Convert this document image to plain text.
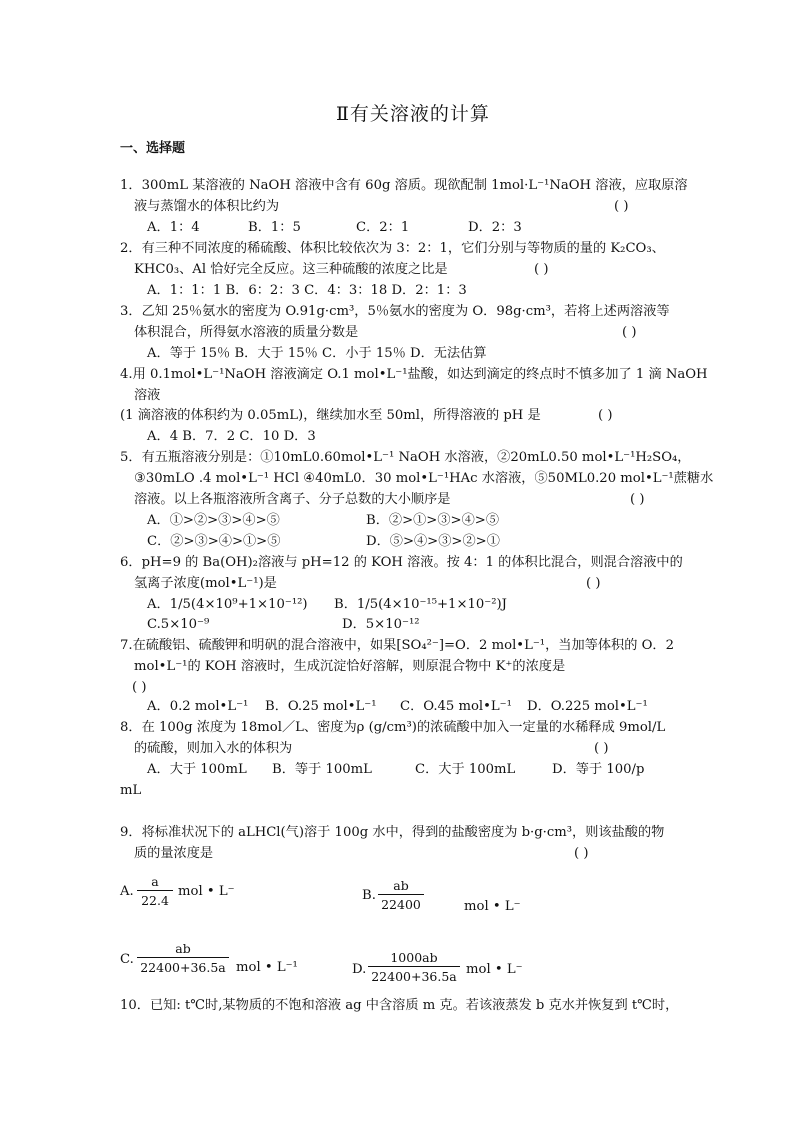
Ⅱ有关溶液的计算
一、选择题
1．300mL 某溶液的 NaOH 溶液中含有 60g 溶质。现欲配制 1mol·L⁻¹NaOH 溶液，应取原溶
液与蒸馏水的体积比约为	( )
A．1：4	B．1：5	C．2：1	D．2：3
2．有三种不同浓度的稀硫酸、体积比较依次为 3：2：1，它们分别与等物质的量的 K₂CO₃、
KHC0₃、Al 恰好完全反应。这三种硫酸的浓度之比是	( )
A．1：1：1 B．6：2：3 C．4：3：18 D．2：1：3
3．乙知 25％氨水的密度为 O.91g·cm³，5％氨水的密度为 O．98g·cm³，若将上述两溶液等
体积混合，所得氨水溶液的质量分数是	( )
A．等于 15％ B．大于 15％ C．小于 15％ D．无法估算
4.用 0.1mol•L⁻¹NaOH 溶液滴定 O.1 mol•L⁻¹盐酸，如达到滴定的终点时不慎多加了 1 滴 NaOH
溶液
(1 滴溶液的体积约为 0.05mL)，继续加水至 50ml，所得溶液的 pH 是	( )
A．4 B．7．2 C．10 D．3
5．有五瓶溶液分别是：①10mL0.60mol•L⁻¹ NaOH 水溶液，②20mL0.50 mol•L⁻¹H₂SO₄，
③30mLO .4 mol•L⁻¹ HCl ④40mL0．30 mol•L⁻¹HAc 水溶液，⑤50ML0.20 mol•L⁻¹蔗糖水
溶液。以上各瓶溶液所含离子、分子总数的大小顺序是	( )
A．①>②>③>④>⑤	B．②>①>③>④>⑤
C．②>③>④>①>⑤	D．⑤>④>③>②>①
6．pH=9 的 Ba(OH)₂溶液与 pH=12 的 KOH 溶液。按 4：1 的体积比混合，则混合溶液中的
氢离子浓度(mol•L⁻¹)是	( )
A．1/5(4×10⁹+1×10⁻¹²) B．1/5(4×10⁻¹⁵+1×10⁻²)J
C.5×10⁻⁹	D．5×10⁻¹²
7.在硫酸铝、硫酸钾和明矾的混合溶液中，如果[SO₄²⁻]=O．2 mol•L⁻¹，当加等体积的 O．2
mol•L⁻¹的 KOH 溶液时，生成沉淀恰好溶解，则原混合物中 K⁺的浓度是
( )
A．0.2 mol•L⁻¹ B．O.25 mol•L⁻¹ C．O.45 mol•L⁻¹ D．O.225 mol•L⁻¹
8．在 100g 浓度为 18mol／L、密度为ρ (g/cm³)的浓硫酸中加入一定量的水稀释成 9mol/L
的硫酸，则加入水的体积为	( )
A．大于 100mL B．等于 100mL	C．大于 100mL	D．等于 100/p
mL
9．将标准状况下的 aLHCl(气)溶于 100g 水中，得到的盐酸密度为 b·g·cm³，则该盐酸的物
质的量浓度是	( )
A.
a
22.4
mol • L⁻	B.
ab
22400	mol • L⁻
C.
ab
22400+36.5a mol • L⁻¹	D.
1000ab
22400+36.5a mol • L⁻
10．已知: t℃时,某物质的不饱和溶液 ag 中含溶质 m 克。若该液蒸发 b 克水并恢复到 t℃时，
